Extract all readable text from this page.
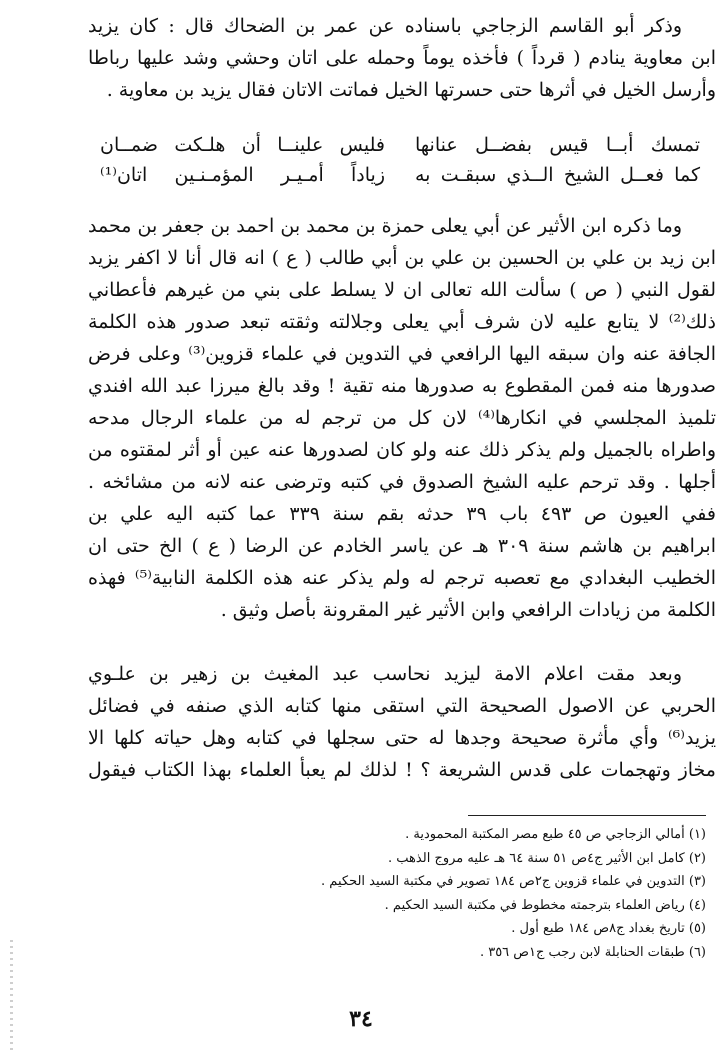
وذكر أبو القاسم الزجاجي باسناده عن عمر بن الضحاك قال : كان يزيد
ابن معاوية ينادم ( قرداً ) فأخذه يوماً وحمله على اتان وحشي وشد عليها رباطا
وأرسل الخيل في أثرها حتى حسرتها الخيل فماتت الاتان فقال يزيد بن معاوية .
تمسك أبــا قيس بفضــل عنانها
فليس علينــا أن هلـكت ضمــان
كما فعــل الشيخ الــذي سبقـت به
زياداً أمـيـر المؤمـنـين اتان⁽¹⁾
وما ذكره ابن الأثير عن أبي يعلى حمزة بن محمد بن احمد بن جعفر بن محمد
ابن زيد بن علي بن الحسين بن علي بن أبي طالب ( ع ) انه قال أنا لا اكفر يزيد
لقول النبي ( ص ) سألت الله تعالى ان لا يسلط على بني من غيرهم فأعطاني
ذلك⁽²⁾ لا يتابع عليه لان شرف أبي يعلى وجلالته وثقته تبعد صدور هذه الكلمة
الجافة عنه وان سبقه اليها الرافعي في التدوين في علماء قزوين⁽³⁾ وعلى فرض
صدورها منه فمن المقطوع به صدورها منه تقية ! وقد بالغ ميرزا عبد الله افندي
تلميذ المجلسي في انكارها⁽⁴⁾ لان كل من ترجم له من علماء الرجال مدحه
واطراه بالجميل ولم يذكر ذلك عنه ولو كان لصدورها عنه عين أو أثر لمقتوه من
أجلها . وقد ترحم عليه الشيخ الصدوق في كتبه وترضى عنه لانه من مشائخه .
ففي العيون ص ٤٩٣ باب ٣٩ حدثه بقم سنة ٣٣٩ عما كتبه اليه علي بن
ابراهيم بن هاشم سنة ٣٠٩ هـ عن ياسر الخادم عن الرضا ( ع ) الخ حتى ان
الخطيب البغدادي مع تعصبه ترجم له ولم يذكر عنه هذه الكلمة النابية⁽⁵⁾ فهذه
الكلمة من زيادات الرافعي وابن الأثير غير المقرونة بأصل وثيق .
وبعد مقت اعلام الامة ليزيد نحاسب عبد المغيث بن زهير بن علـوي
الحربي عن الاصول الصحيحة التي استقى منها كتابه الذي صنفه في فضائل
يزيد⁽⁶⁾ وأي مأثرة صحيحة وجدها له حتى سجلها في كتابه وهل حياته كلها الا
مخاز وتهجمات على قدس الشريعة ؟ ! لذلك لم يعبأ العلماء بهذا الكتاب فيقول
(١) أمالي الزجاجي ص ٤٥ طبع مصر المكتبة المحمودية .
(٢) كامل ابن الأثير ج٤ص ٥١ سنة ٦٤ هـ عليه مروج الذهب .
(٣) التدوين في علماء قزوين ج٢ص ١٨٤ تصوير في مكتبة السيد الحكيم .
(٤) رياض العلماء بترجمته مخطوط في مكتبة السيد الحكيم .
(٥) تاريخ بغداد ج٨ص ١٨٤ طبع أول .
(٦) طبقات الحنابلة لابن رجب ج١ص ٣٥٦ .
٣٤
